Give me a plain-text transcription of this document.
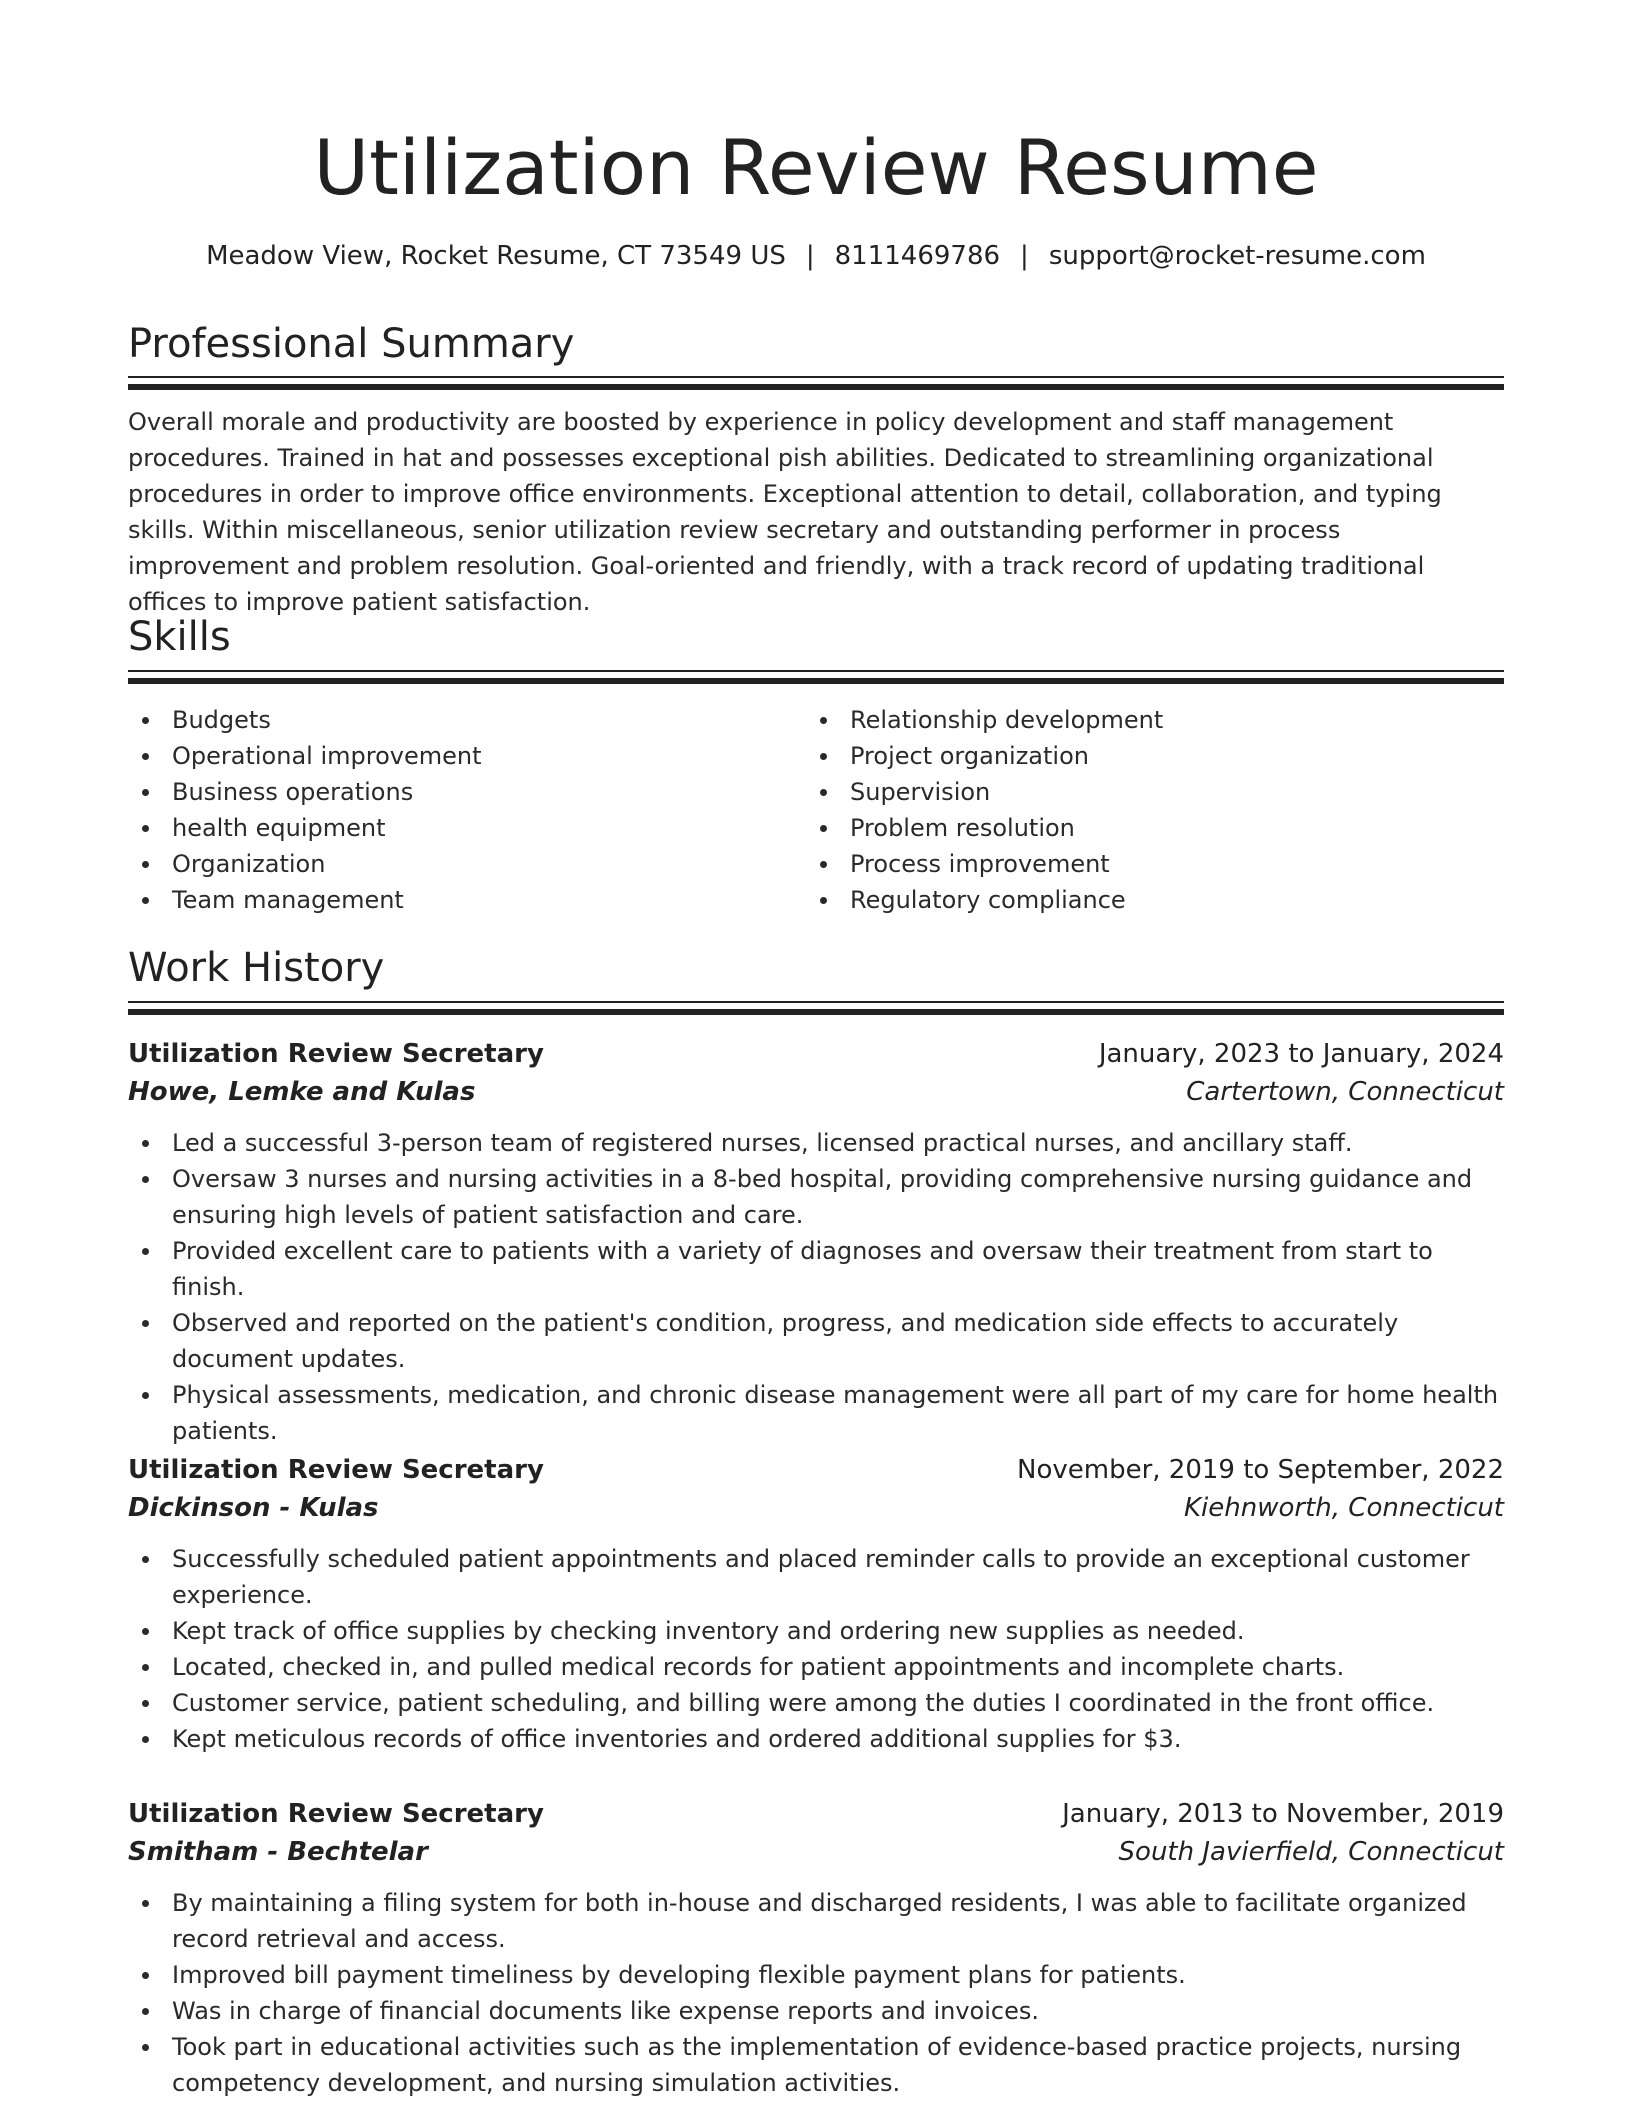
Utilization Review Resume
Meadow View, Rocket Resume, CT 73549 US | 8111469786 | support@rocket-resume.com
Professional Summary

Overall morale and productivity are boosted by experience in policy development and staff management procedures. Trained in hat and possesses exceptional pish abilities. Dedicated to streamlining organizational procedures in order to improve office environments. Exceptional attention to detail, collaboration, and typing skills. Within miscellaneous, senior utilization review secretary and outstanding performer in process improvement and problem resolution. Goal-oriented and friendly, with a track record of updating traditional offices to improve patient satisfaction.

Skills
Budgets
Operational improvement
Business operations
health equipment
Organization
Team management
Relationship development
Project organization
Supervision
Problem resolution
Process improvement
Regulatory compliance
Work History
Utilization Review Secretary	January, 2023 to January, 2024
Howe, Lemke and Kulas	Cartertown, Connecticut
Led a successful 3-person team of registered nurses, licensed practical nurses, and ancillary staff.
Oversaw 3 nurses and nursing activities in a 8-bed hospital, providing comprehensive nursing guidance and ensuring high levels of patient satisfaction and care.
Provided excellent care to patients with a variety of diagnoses and oversaw their treatment from start to finish.
Observed and reported on the patient's condition, progress, and medication side effects to accurately document updates.
Physical assessments, medication, and chronic disease management were all part of my care for home health patients.
Utilization Review Secretary	November, 2019 to September, 2022
Dickinson - Kulas	Kiehnworth, Connecticut
Successfully scheduled patient appointments and placed reminder calls to provide an exceptional customer experience.
Kept track of office supplies by checking inventory and ordering new supplies as needed.
Located, checked in, and pulled medical records for patient appointments and incomplete charts.
Customer service, patient scheduling, and billing were among the duties I coordinated in the front office.
Kept meticulous records of office inventories and ordered additional supplies for $3.
Utilization Review Secretary	January, 2013 to November, 2019
Smitham - Bechtelar	South Javierfield, Connecticut
By maintaining a filing system for both in-house and discharged residents, I was able to facilitate organized record retrieval and access.
Improved bill payment timeliness by developing flexible payment plans for patients.
Was in charge of financial documents like expense reports and invoices.
Took part in educational activities such as the implementation of evidence-based practice projects, nursing competency development, and nursing simulation activities.
